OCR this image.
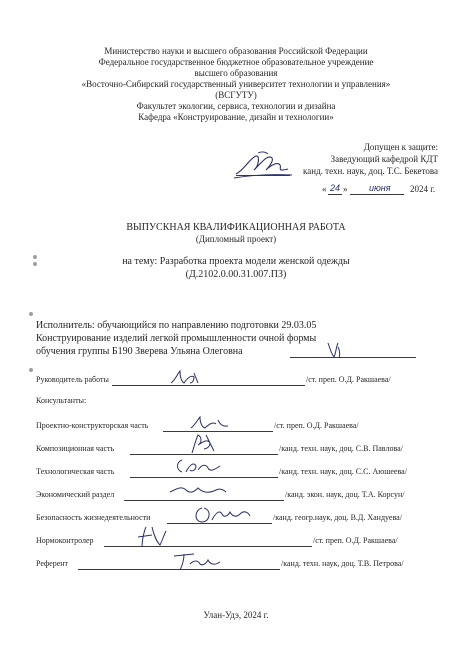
Министерство науки и высшего образования Российской Федерации
Федеральное государственное бюджетное образовательное учреждение
высшего образования
«Восточно-Сибирский государственный университет технологии и управления»
(ВСГУТУ)
Факультет экологии, сервиса, технологии и дизайна
Кафедра «Конструирование, дизайн и технологии»
Допущен к защите:
Заведующий кафедрой КДТ
канд. техн. наук, доц. Т.С. Бекетова
« 24 » июня 2024 г.
ВЫПУСКНАЯ КВАЛИФИКАЦИОННАЯ РАБОТА
(Дипломный проект)
на тему: Разработка проекта модели женской одежды
(Д.2102.0.00.31.007.ПЗ)
Исполнитель: обучающийся по направлению подготовки 29.03.05
Конструирование изделий легкой промышленности очной формы
обучения группы Б190 Зверева Ульяна Олеговна
Руководитель работы	/ст. преп. О.Д. Ракшаева/
Консультанты:
Проектно-конструкторская часть	/ст. преп. О.Д. Ракшаева/
Композиционная часть	/канд. техн. наук, доц. С.В. Павлова/
Технологическая часть	/канд. техн. наук, доц. С.С. Аюшеева/
Экономический раздел	/канд. экон. наук, доц. Т.А. Корсун/
Безопасность жизнедеятельности	/канд. геогр.наук, доц. В.Д. Хандуева/
Нормоконтролер	/ст. преп. О.Д. Ракшаева/
Референт	/канд. техн. наук, доц. Т.В. Петрова/
Улан-Удэ, 2024 г.
